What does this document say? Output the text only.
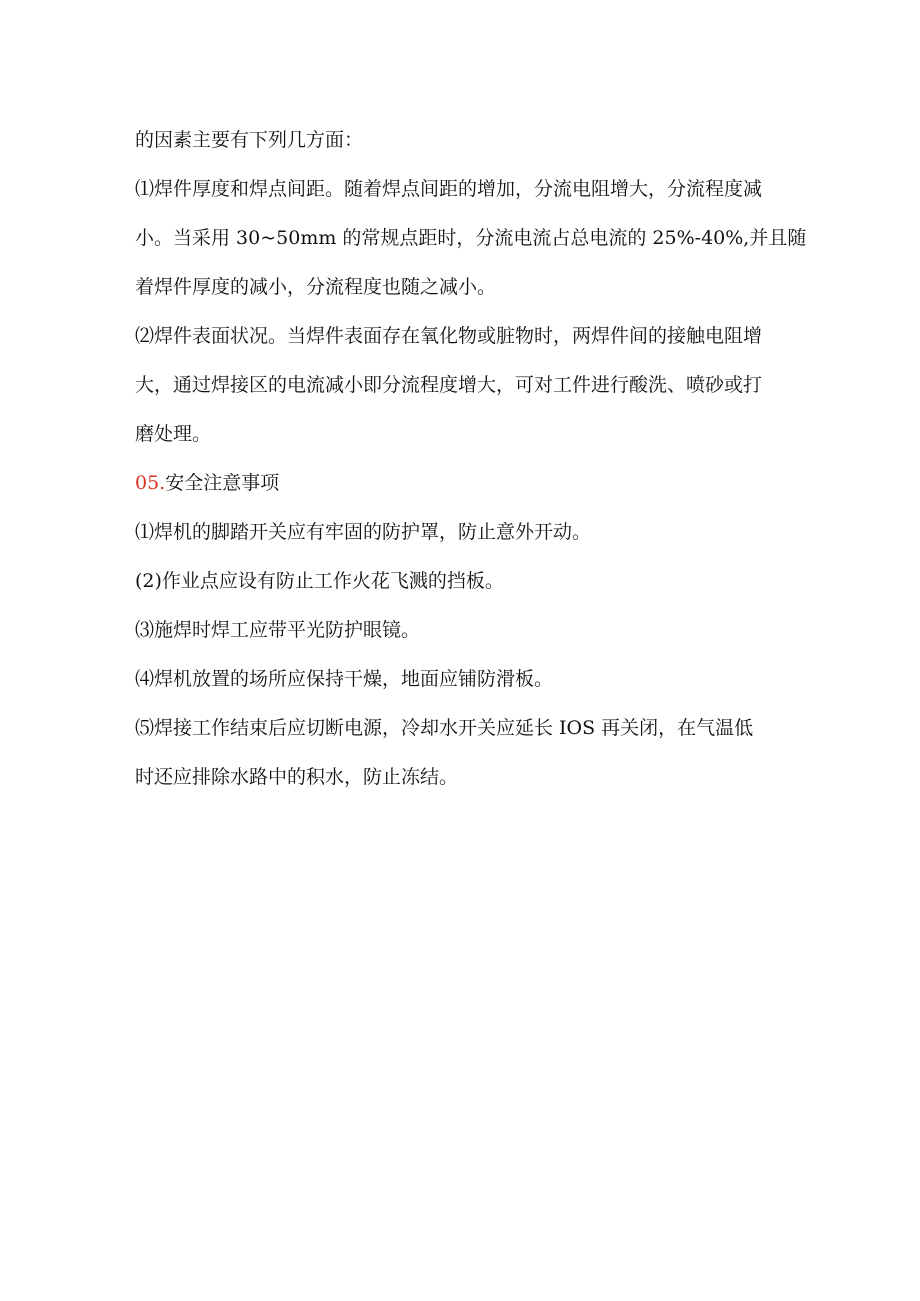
的因素主要有下列几方面：

⑴焊件厚度和焊点间距。随着焊点间距的增加，分流电阻增大，分流程度减

小。当采用 30~50mm 的常规点距时，分流电流占总电流的 25%-40%,并且随

着焊件厚度的减小，分流程度也随之减小。

⑵焊件表面状况。当焊件表面存在氧化物或脏物时，两焊件间的接触电阻增

大，通过焊接区的电流减小即分流程度增大，可对工件进行酸洗、喷砂或打

磨处理。

05.安全注意事项

⑴焊机的脚踏开关应有牢固的防护罩，防止意外开动。

(2)作业点应设有防止工作火花飞溅的挡板。

⑶施焊时焊工应带平光防护眼镜。

⑷焊机放置的场所应保持干燥，地面应铺防滑板。

⑸焊接工作结束后应切断电源，冷却水开关应延长 IOS 再关闭，在气温低

时还应排除水路中的积水，防止冻结。
